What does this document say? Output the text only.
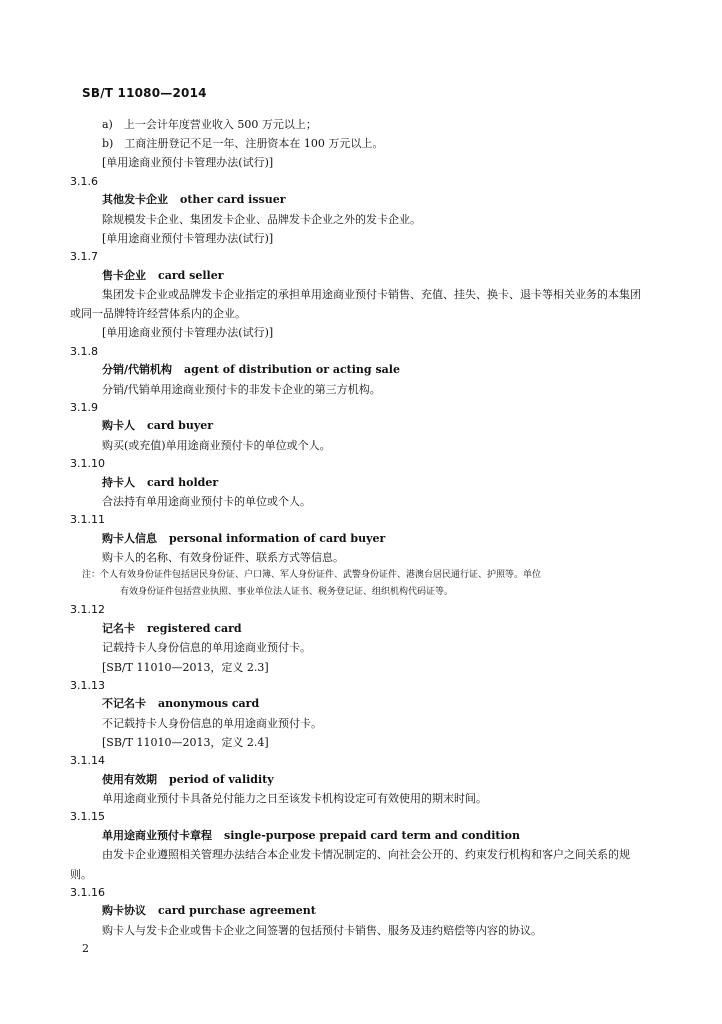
SB/T 11080—2014
a)　上一会计年度营业收入 500 万元以上；
b)　工商注册登记不足一年、注册资本在 100 万元以上。
[单用途商业预付卡管理办法(试行)]
3.1.6
其他发卡企业 other card issuer
除规模发卡企业、集团发卡企业、品牌发卡企业之外的发卡企业。
[单用途商业预付卡管理办法(试行)]
3.1.7
售卡企业 card seller
集团发卡企业或品牌发卡企业指定的承担单用途商业预付卡销售、充值、挂失、换卡、退卡等相关业务的本集团或同一品牌特许经营体系内的企业。
[单用途商业预付卡管理办法(试行)]
3.1.8
分销/代销机构 agent of distribution or acting sale
分销/代销单用途商业预付卡的非发卡企业的第三方机构。
3.1.9
购卡人 card buyer
购买(或充值)单用途商业预付卡的单位或个人。
3.1.10
持卡人 card holder
合法持有单用途商业预付卡的单位或个人。
3.1.11
购卡人信息 personal information of card buyer
购卡人的名称、有效身份证件、联系方式等信息。
注：个人有效身份证件包括居民身份证、户口簿、军人身份证件、武警身份证件、港澳台居民通行证、护照等。单位
有效身份证件包括营业执照、事业单位法人证书、税务登记证、组织机构代码证等。
3.1.12
记名卡 registered card
记载持卡人身份信息的单用途商业预付卡。
[SB/T 11010—2013，定义 2.3]
3.1.13
不记名卡 anonymous card
不记载持卡人身份信息的单用途商业预付卡。
[SB/T 11010—2013，定义 2.4]
3.1.14
使用有效期 period of validity
单用途商业预付卡具备兑付能力之日至该发卡机构设定可有效使用的期末时间。
3.1.15
单用途商业预付卡章程 single-purpose prepaid card term and condition
由发卡企业遵照相关管理办法结合本企业发卡情况制定的、向社会公开的、约束发行机构和客户之间关系的规则。
3.1.16
购卡协议 card purchase agreement
购卡人与发卡企业或售卡企业之间签署的包括预付卡销售、服务及违约赔偿等内容的协议。
2
